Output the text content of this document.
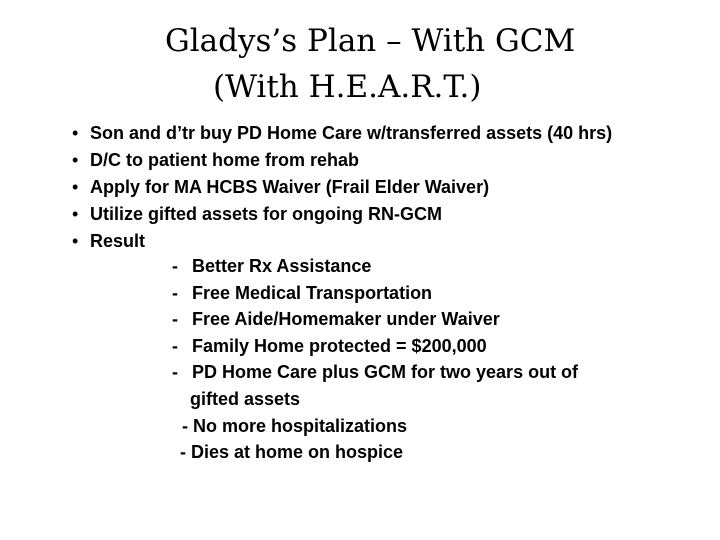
Gladys’s Plan – With GCM
(With H.E.A.R.T.)
• Son and d’tr buy PD Home Care w/transferred assets (40 hrs)
• D/C to patient home from rehab
• Apply for MA HCBS Waiver (Frail Elder Waiver)
• Utilize gifted assets for ongoing RN-GCM
• Result
- Better Rx Assistance
- Free Medical Transportation
- Free Aide/Homemaker under Waiver
- Family Home protected = $200,000
- PD Home Care plus GCM for two years out of
gifted assets
- No more hospitalizations
- Dies at home on hospice
